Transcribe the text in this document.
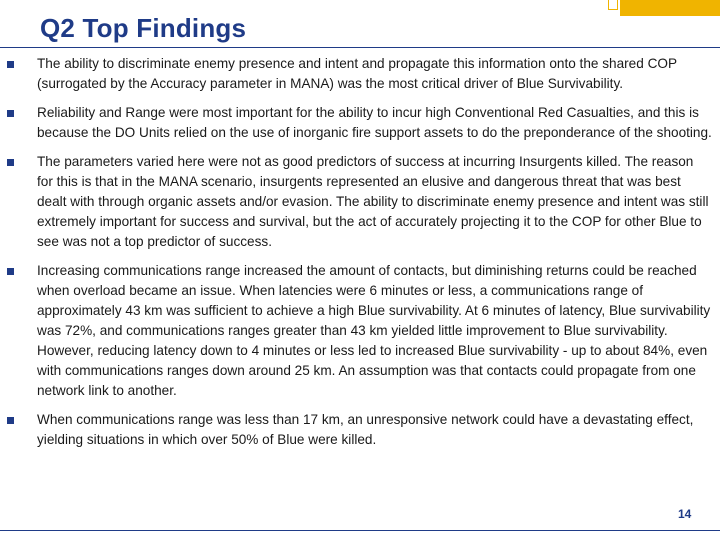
Q2 Top Findings
The ability to discriminate enemy presence and intent and propagate this information onto the shared COP (surrogated by the Accuracy parameter in MANA) was the most critical driver of Blue Survivability.
Reliability and Range were most important for the ability to incur high Conventional Red Casualties, and this is because the DO Units relied on the use of inorganic fire support assets to do the preponderance of the shooting.
The parameters varied here were not as good predictors of success at incurring Insurgents killed. The reason for this is that in the MANA scenario, insurgents represented an elusive and dangerous threat that was best dealt with through organic assets and/or evasion. The ability to discriminate enemy presence and intent was still extremely important for success and survival, but the act of accurately projecting it to the COP for other Blue to see was not a top predictor of success.
Increasing communications range increased the amount of contacts, but diminishing returns could be reached when overload became an issue. When latencies were 6 minutes or less, a communications range of approximately 43 km was sufficient to achieve a high Blue survivability. At 6 minutes of latency, Blue survivability was 72%, and communications ranges greater than 43 km yielded little improvement to Blue survivability. However, reducing latency down to 4 minutes or less led to increased Blue survivability - up to about 84%, even with communications ranges down around 25 km. An assumption was that contacts could propagate from one network link to another.
When communications range was less than 17 km, an unresponsive network could have a devastating effect, yielding situations in which over 50% of Blue were killed.
14
